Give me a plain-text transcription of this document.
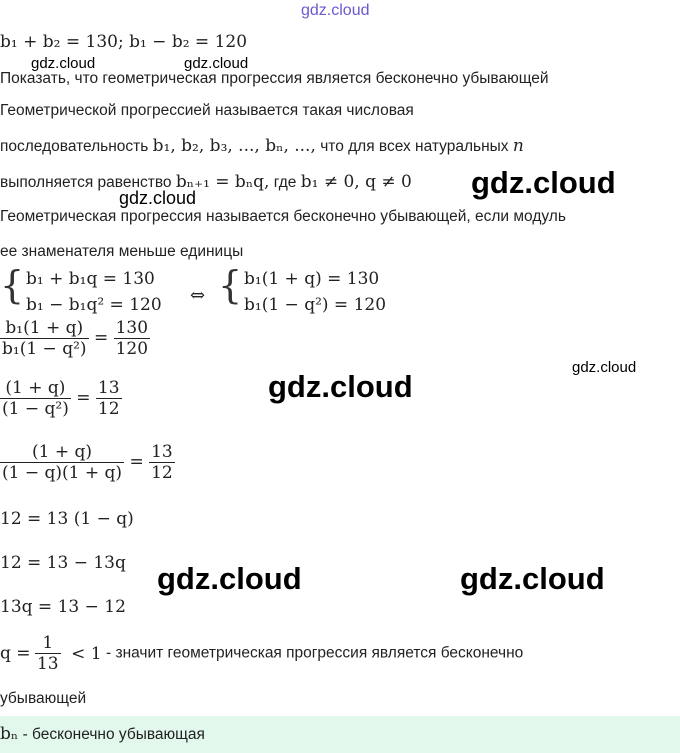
gdz.cloud
gdz.cloud	gdz.cloud
gdz.cloud
gdz.cloud
gdz.cloud
gdz.cloud
gdz.cloud	gdz.cloud
b₁ + b₂ = 130; b₁ − b₂ = 120
Показать, что геометрическая прогрессия является бесконечно убывающей
Геометрической прогрессией называется такая числовая
последовательность b₁, b₂, b₃, ..., bₙ, ..., что для всех натуральных n
выполняется равенство bₙ₊₁ = bₙq, где b₁ ≠ 0, q ≠ 0
Геометрическая прогрессия называется бесконечно убывающей, если модуль
ее знаменателя меньше единицы
{ b₁ + b₁q = 130
b₁ − b₁q² = 120 ⇔ { b₁(1 + q) = 130
b₁(1 − q²) = 120
$\frac{\text{b₁(1 + q)}}{\text{b₁(1 − q²)}} = \frac{130}{120}$
$\frac{(1 + q)}{\text{(1 − q²)}} = \frac{13}{12}$
$\frac{(1 + q)}{(1 - q)(1 + q)} = \frac{13}{12}$
12 = 13 (1 − q)
12 = 13 − 13q
13q = 13 − 12
$q = \frac{1}{13} < 1$ - значит геометрическая прогрессия является бесконечно
убывающей
bₙ - бесконечно убывающая
